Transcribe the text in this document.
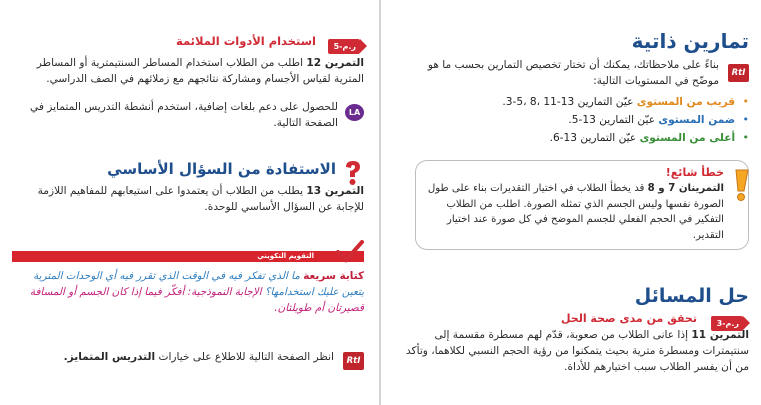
تمارين ذاتية
RtI
بناءً على ملاحظاتك، يمكنك أن تختار تخصيص التمارين بحسب ما هو موضّح في المستويات التالية:
• قريب من المستوى عيّن التمارين 13-11 ،8 ،5-3.
• ضمن المستوى عيّن التمارين 13-5.
• أعلى من المستوى عيّن التمارين 13-6.
خطأ شائع!
التمرينان 7 و 8 قد يخطأ الطلاب في اختيار التقديرات بناء على طول الصورة نفسها وليس الجسم الذي تمثله الصورة. اطلب من الطلاب التفكير في الحجم الفعلي للجسم الموضح في كل صورة عند اختيار التقدير.
حل المسائل
ر.م-3
تحقق من مدى صحة الحل
التمرين 11 إذا عانى الطلاب من صعوبة، قدّم لهم مسطرة مقسمة إلى سنتيمترات ومسطرة مترية بحيث يتمكنوا من رؤية الحجم النسبي لكلاهما، وتأكد من أن يفسر الطلاب سبب اختيارهم للأداة.
ر.م-5
استخدام الأدوات الملائمة
التمرين 12 اطلب من الطلاب استخدام المساطر السنتيمترية أو المساطر المترية لقياس الأجسام ومشاركة نتائجهم مع زملائهم في الصف الدراسي.
LA
للحصول على دعم بلغات إضافية، استخدم أنشطة التدريس المتمايز في الصفحة التالية.
الاستفادة من السؤال الأساسي
التمرين 13 يطلب من الطلاب أن يعتمدوا على استيعابهم للمفاهيم اللازمة للإجابة عن السؤال الأساسي للوحدة.
التقويم التكويني
كتابة سريعة ما الذي تفكر فيه في الوقت الذي تقرر فيه أي الوحدات المترية يتعين عليك استخدامها؟ الإجابة النموذجية: أفكّر فيما إذا كان الجسم أو المسافة قصيرتان أم طويلتان.
RtI
انظر الصفحة التالية للاطلاع على خيارات التدريس المتمايز.
